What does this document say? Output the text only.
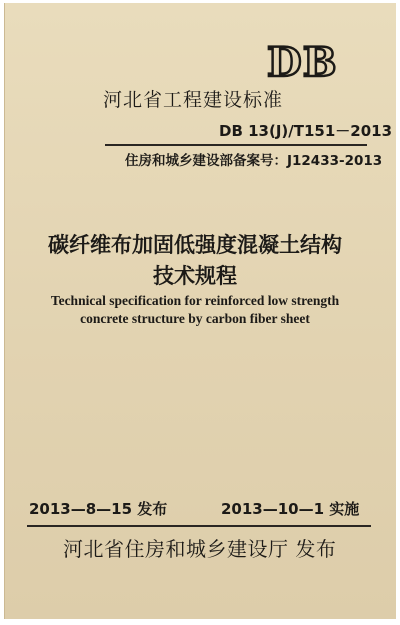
DB
河北省工程建设标准
DB 13(J)/T151－2013
住房和城乡建设部备案号：J12433-2013
碳纤维布加固低强度混凝土结构
技术规程
Technical specification for reinforced low strength
concrete structure by carbon fiber sheet
2013—8—15 发布	2013—10—1 实施
河北省住房和城乡建设厅 发布
